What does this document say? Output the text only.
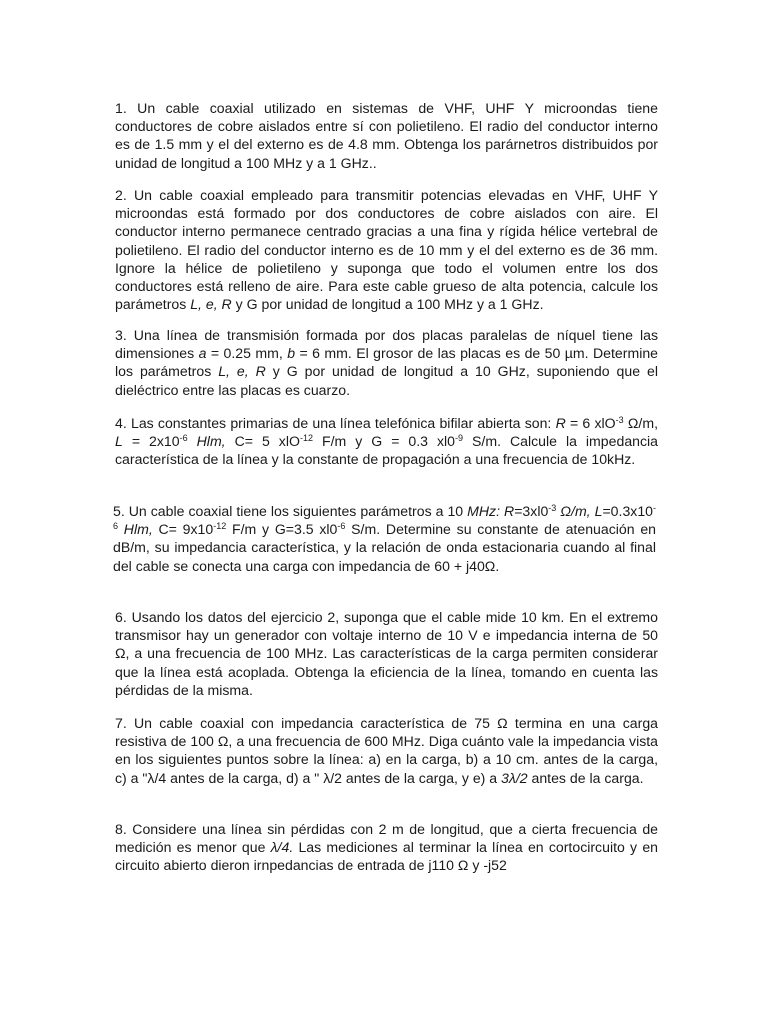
1. Un cable coaxial utilizado en sistemas de VHF, UHF Y microondas tiene conductores de cobre aislados entre sí con polietileno. El radio del conductor interno es de 1.5 mm y el del externo es de 4.8 mm. Obtenga los parárnetros distribuidos por unidad de longitud a 100 MHz y a 1 GHz..

2. Un cable coaxial empleado para transmitir potencias elevadas en VHF, UHF Y microondas está formado por dos conductores de cobre aislados con aire. El conductor interno permanece centrado gracias a una fina y rígida hélice vertebral de polietileno. El radio del conductor interno es de 10 mm y el del externo es de 36 mm. Ignore la hélice de polietileno y suponga que todo el volumen entre los dos conductores está relleno de aire. Para este cable grueso de alta potencia, calcule los parámetros L, e, R y G por unidad de longitud a 100 MHz y a 1 GHz.

3. Una línea de transmisión formada por dos placas paralelas de níquel tiene las dimensiones a = 0.25 mm, b = 6 mm. El grosor de las placas es de 50 µm. Determine los parámetros L, e, R y G por unidad de longitud a 10 GHz, suponiendo que el dieléctrico entre las placas es cuarzo.

4. Las constantes primarias de una línea telefónica bifilar abierta son: R = 6 xlO$^{-3}$ Ω/m, $L = 2x10^{-6}$ Hlm, C= 5 xlO$^{-12}$ F/m y G = 0.3 $xl0^{-9}$ S/m. Calcule la impedancia característica de la línea y la constante de propagación a una frecuencia de 10kHz.

5. Un cable coaxial tiene los siguientes parámetros a 10 MHz: $R=3xl0^{-3}$ Ω/m, $L=0.3x10^{-6}$ Hlm, $C= 9x10^{-12}$ F/m y G=3.5 $xl0^{-6}$ S/m. Determine su constante de atenuación en dB/m, su impedancia característica, y la relación de onda estacionaria cuando al final del cable se conecta una carga con impedancia de 60 + j40Ω.

6. Usando los datos del ejercicio 2, suponga que el cable mide 10 km. En el extremo transmisor hay un generador con voltaje interno de 10 V e impedancia interna de 50 Ω, a una frecuencia de 100 MHz. Las características de la carga permiten considerar que la línea está acoplada. Obtenga la eficiencia de la línea, tomando en cuenta las pérdidas de la misma.

7. Un cable coaxial con impedancia característica de 75 Ω termina en una carga resistiva de 100 Ω, a una frecuencia de 600 MHz. Diga cuánto vale la impedancia vista en los siguientes puntos sobre la línea: a) en la carga, b) a 10 cm. antes de la carga, c) a "λ/4 antes de la carga, d) a " λ/2 antes de la carga, y e) a 3λ/2 antes de la carga.

8. Considere una línea sin pérdidas con 2 m de longitud, que a cierta frecuencia de medición es menor que λ/4. Las mediciones al terminar la línea en cortocircuito y en circuito abierto dieron irnpedancias de entrada de j110 Ω y -j52
